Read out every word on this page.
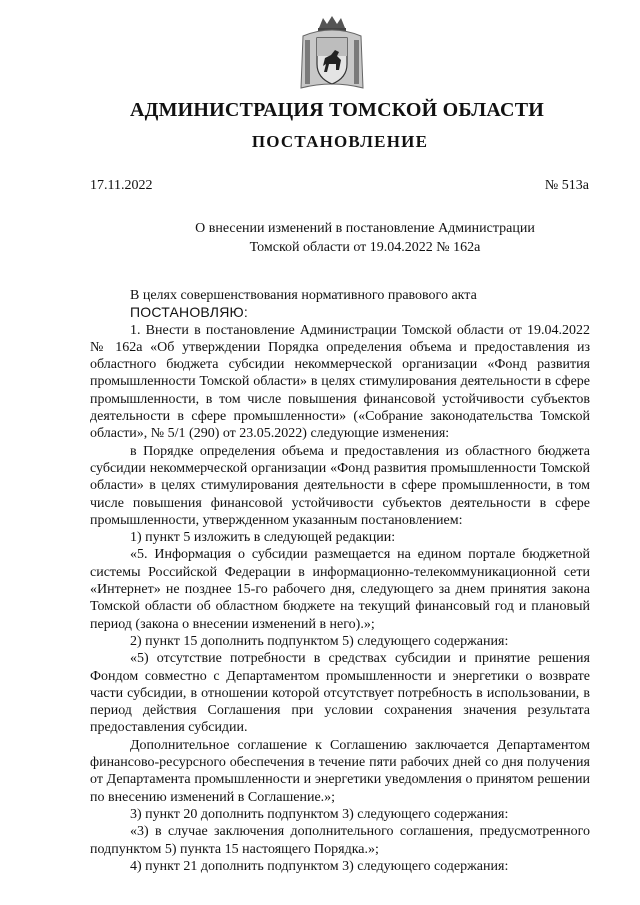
АДМИНИСТРАЦИЯ ТОМСКОЙ ОБЛАСТИ
ПОСТАНОВЛЕНИЕ
17.11.2022	№ 513а
О внесении изменений в постановление Администрации
Томской области от 19.04.2022 № 162а

В целях совершенствования нормативного правового акта

ПОСТАНОВЛЯЮ:

1. Внести в постановление Администрации Томской области от 19.04.2022 № 162а «Об утверждении Порядка определения объема и предоставления из областного бюджета субсидии некоммерческой организации «Фонд развития промышленности Томской области» в целях стимулирования деятельности в сфере промышленности, в том числе повышения финансовой устойчивости субъектов деятельности в сфере промышленности» («Собрание законодательства Томской области», № 5/1 (290) от 23.05.2022) следующие изменения:

в Порядке определения объема и предоставления из областного бюджета субсидии некоммерческой организации «Фонд развития промышленности Томской области» в целях стимулирования деятельности в сфере промышленности, в том числе повышения финансовой устойчивости субъектов деятельности в сфере промышленности, утвержденном указанным постановлением:

1) пункт 5 изложить в следующей редакции:

«5. Информация о субсидии размещается на едином портале бюджетной системы Российской Федерации в информационно-телекоммуникационной сети «Интернет» не позднее 15-го рабочего дня, следующего за днем принятия закона Томской области об областном бюджете на текущий финансовый год и плановый период (закона о внесении изменений в него).»;

2) пункт 15 дополнить подпунктом 5) следующего содержания:

«5) отсутствие потребности в средствах субсидии и принятие решения Фондом совместно с Департаментом промышленности и энергетики о возврате части субсидии, в отношении которой отсутствует потребность в использовании, в период действия Соглашения при условии сохранения значения результата предоставления субсидии.

Дополнительное соглашение к Соглашению заключается Департаментом финансово-ресурсного обеспечения в течение пяти рабочих дней со дня получения от Департамента промышленности и энергетики уведомления о принятом решении по внесению изменений в Соглашение.»;

3) пункт 20 дополнить подпунктом 3) следующего содержания:

«3) в случае заключения дополнительного соглашения, предусмотренного подпунктом 5) пункта 15 настоящего Порядка.»;

4) пункт 21 дополнить подпунктом 3) следующего содержания:
